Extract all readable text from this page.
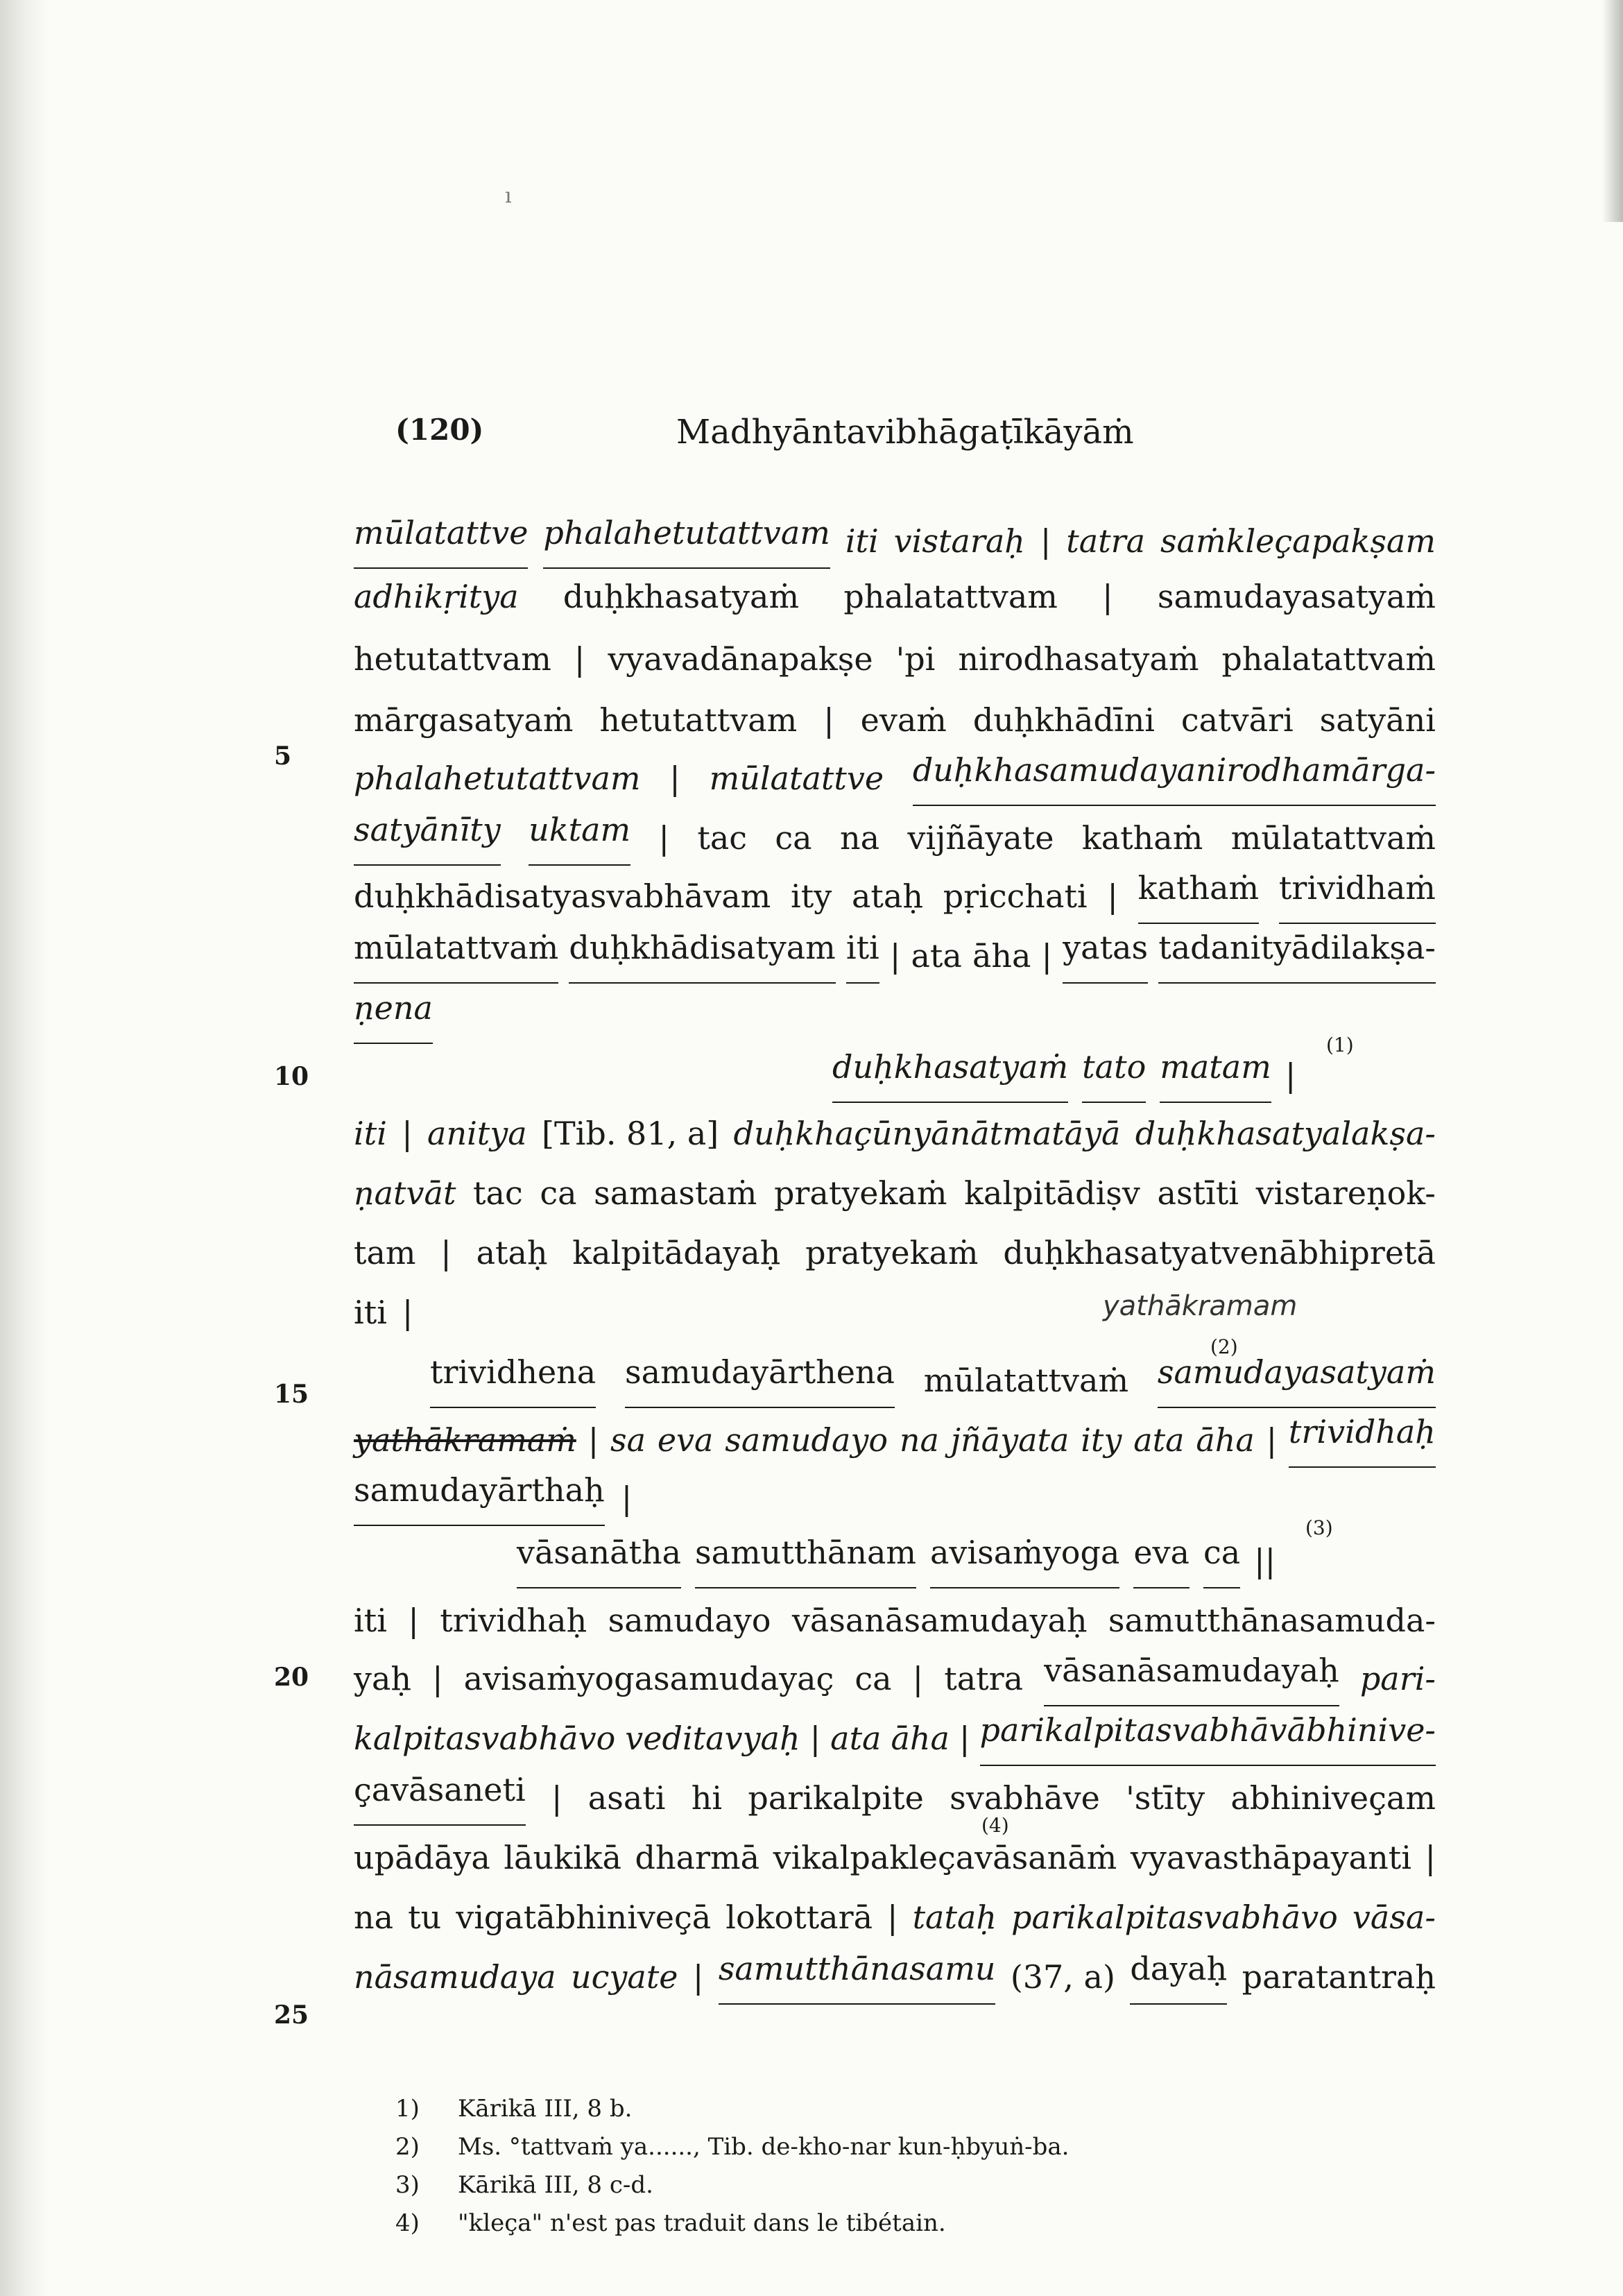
ı
(120)	Madhyāntavibhāgaṭīkāyāṁ
5
10
15
20
25
mūlatattve phalahetutattvam iti vistaraḥ | tatra saṁkleçapakṣam
adhikṛitya duḥkhasatyaṁ phalatattvam | samudayasatyaṁ
hetutattvam | vyavadānapakṣe 'pi nirodhasatyaṁ phalatattvaṁ
mārgasatyaṁ hetutattvam | evaṁ duḥkhādīni catvāri satyāni
phalahetutattvam | mūlatattve duḥkhasamudayanirodhamārga-
satyānīty uktam | tac ca na vijñāyate kathaṁ mūlatattvaṁ
duḥkhādisatyasvabhāvam ity ataḥ pṛicchati | kathaṁ trividhaṁ
mūlatattvaṁ duḥkhādisatyam iti | ata āha | yatas tadanityādilakṣa-
ṇena
duḥkhasatyaṁ tato matam |
(1)
iti | anitya [Tib. 81, a] duḥkhaçūnyānātmatāyā duḥkhasatyalakṣa-
ṇatvāt tac ca samastaṁ pratyekaṁ kalpitādiṣv astīti vistareṇok-
tam | ataḥ kalpitādayaḥ pratyekaṁ duḥkhasatyatvenābhipretā
iti |	yathākramam
(2)
trividhena samudayārthena mūlatattvaṁ samudayasatyaṁ
yathākramaṁ | sa eva samudayo na jñāyata ity ata āha | trividhaḥ
samudayārthaḥ |
vāsanātha samutthānam avisaṁyoga eva ca ||
(3)
iti | trividhaḥ samudayo vāsanāsamudayaḥ samutthānasamuda-
yaḥ | avisaṁyogasamudayaç ca | tatra vāsanāsamudayaḥ pari-
kalpitasvabhāvo veditavyaḥ | ata āha | parikalpitasvabhāvābhinive-
çavāsaneti | asati hi parikalpite svabhāve 'stīty abhiniveçam
(4)
upādāya lāukikā dharmā vikalpakleçavāsanāṁ vyavasthāpayanti |
na tu vigatābhiniveçā lokottarā | tataḥ parikalpitasvabhāvo vāsa-
nāsamudaya ucyate | samutthānasamu (37, a) dayaḥ paratantraḥ
1) Kārikā III, 8 b.
2) Ms. °tattvaṁ ya......, Tib. de-kho-nar kun-ḥbyuṅ-ba.
3) Kārikā III, 8 c-d.
4) "kleça" n'est pas traduit dans le tibétain.
